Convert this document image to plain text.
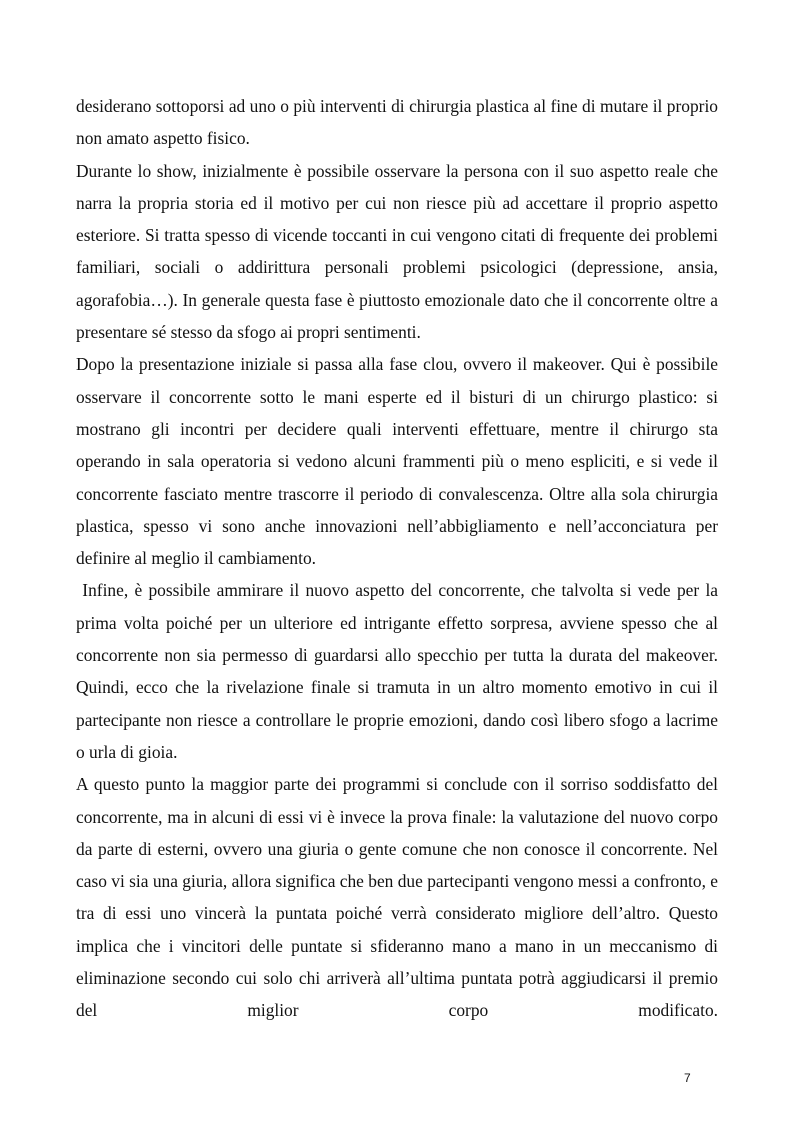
desiderano sottoporsi ad uno o più interventi di chirurgia plastica al fine di mutare il proprio non amato aspetto fisico.

Durante lo show, inizialmente è possibile osservare la persona con il suo aspetto reale che narra la propria storia ed il motivo per cui non riesce più ad accettare il proprio aspetto esteriore. Si tratta spesso di vicende toccanti in cui vengono citati di frequente dei problemi familiari, sociali o addirittura personali problemi psicologici (depressione, ansia, agorafobia…). In generale questa fase è piuttosto emozionale dato che il concorrente oltre a presentare sé stesso da sfogo ai propri sentimenti.

Dopo la presentazione iniziale si passa alla fase clou, ovvero il makeover. Qui è possibile osservare il concorrente sotto le mani esperte ed il bisturi di un chirurgo plastico: si mostrano gli incontri per decidere quali interventi effettuare, mentre il chirurgo sta operando in sala operatoria si vedono alcuni frammenti più o meno espliciti, e si vede il concorrente fasciato mentre trascorre il periodo di convalescenza. Oltre alla sola chirurgia plastica, spesso vi sono anche innovazioni nell’abbigliamento e nell’acconciatura per definire al meglio il cambiamento.

Infine, è possibile ammirare il nuovo aspetto del concorrente, che talvolta si vede per la prima volta poiché per un ulteriore ed intrigante effetto sorpresa, avviene spesso che al concorrente non sia permesso di guardarsi allo specchio per tutta la durata del makeover. Quindi, ecco che la rivelazione finale si tramuta in un altro momento emotivo in cui il partecipante non riesce a controllare le proprie emozioni, dando così libero sfogo a lacrime o urla di gioia.

A questo punto la maggior parte dei programmi si conclude con il sorriso soddisfatto del concorrente, ma in alcuni di essi vi è invece la prova finale: la valutazione del nuovo corpo da parte di esterni, ovvero una giuria o gente comune che non conosce il concorrente. Nel caso vi sia una giuria, allora significa che ben due partecipanti vengono messi a confronto, e tra di essi uno vincerà la puntata poiché verrà considerato migliore dell’altro. Questo implica che i vincitori delle puntate si sfideranno mano a mano in un meccanismo di eliminazione secondo cui solo chi arriverà all’ultima puntata potrà aggiudicarsi il premio del miglior corpo modificato.

7
